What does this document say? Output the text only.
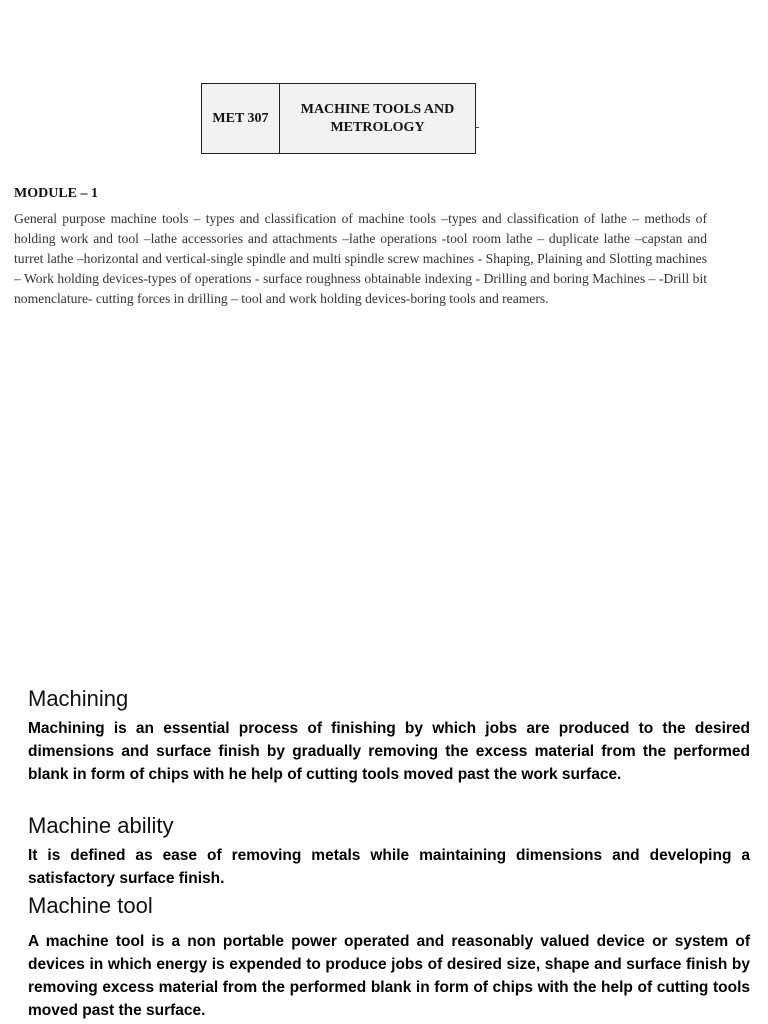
MET 307	MACHINE TOOLS AND
METROLOGY
MODULE – 1

General purpose machine tools – types and classification of machine tools –types and classification of lathe – methods of holding work and tool –lathe accessories and attachments –lathe operations -tool room lathe – duplicate lathe –capstan and turret lathe –horizontal and vertical-single spindle and multi spindle screw machines - Shaping, Plaining and Slotting machines – Work holding devices-types of operations - surface roughness obtainable indexing - Drilling and boring Machines – -Drill bit nomenclature- cutting forces in drilling – tool and work holding devices-boring tools and reamers.

Machining

Machining is an essential process of finishing by which jobs are produced to the desired dimensions and surface finish by gradually removing the excess material from the performed blank in form of chips with he help of cutting tools moved past the work surface.

Machine ability

It is defined as ease of removing metals while maintaining dimensions and developing a satisfactory surface finish.

Machine tool

A machine tool is a non portable power operated and reasonably valued device or system of devices in which energy is expended to produce jobs of desired size, shape and surface finish by removing excess material from the performed blank in form of chips with the help of cutting tools moved past the surface.
